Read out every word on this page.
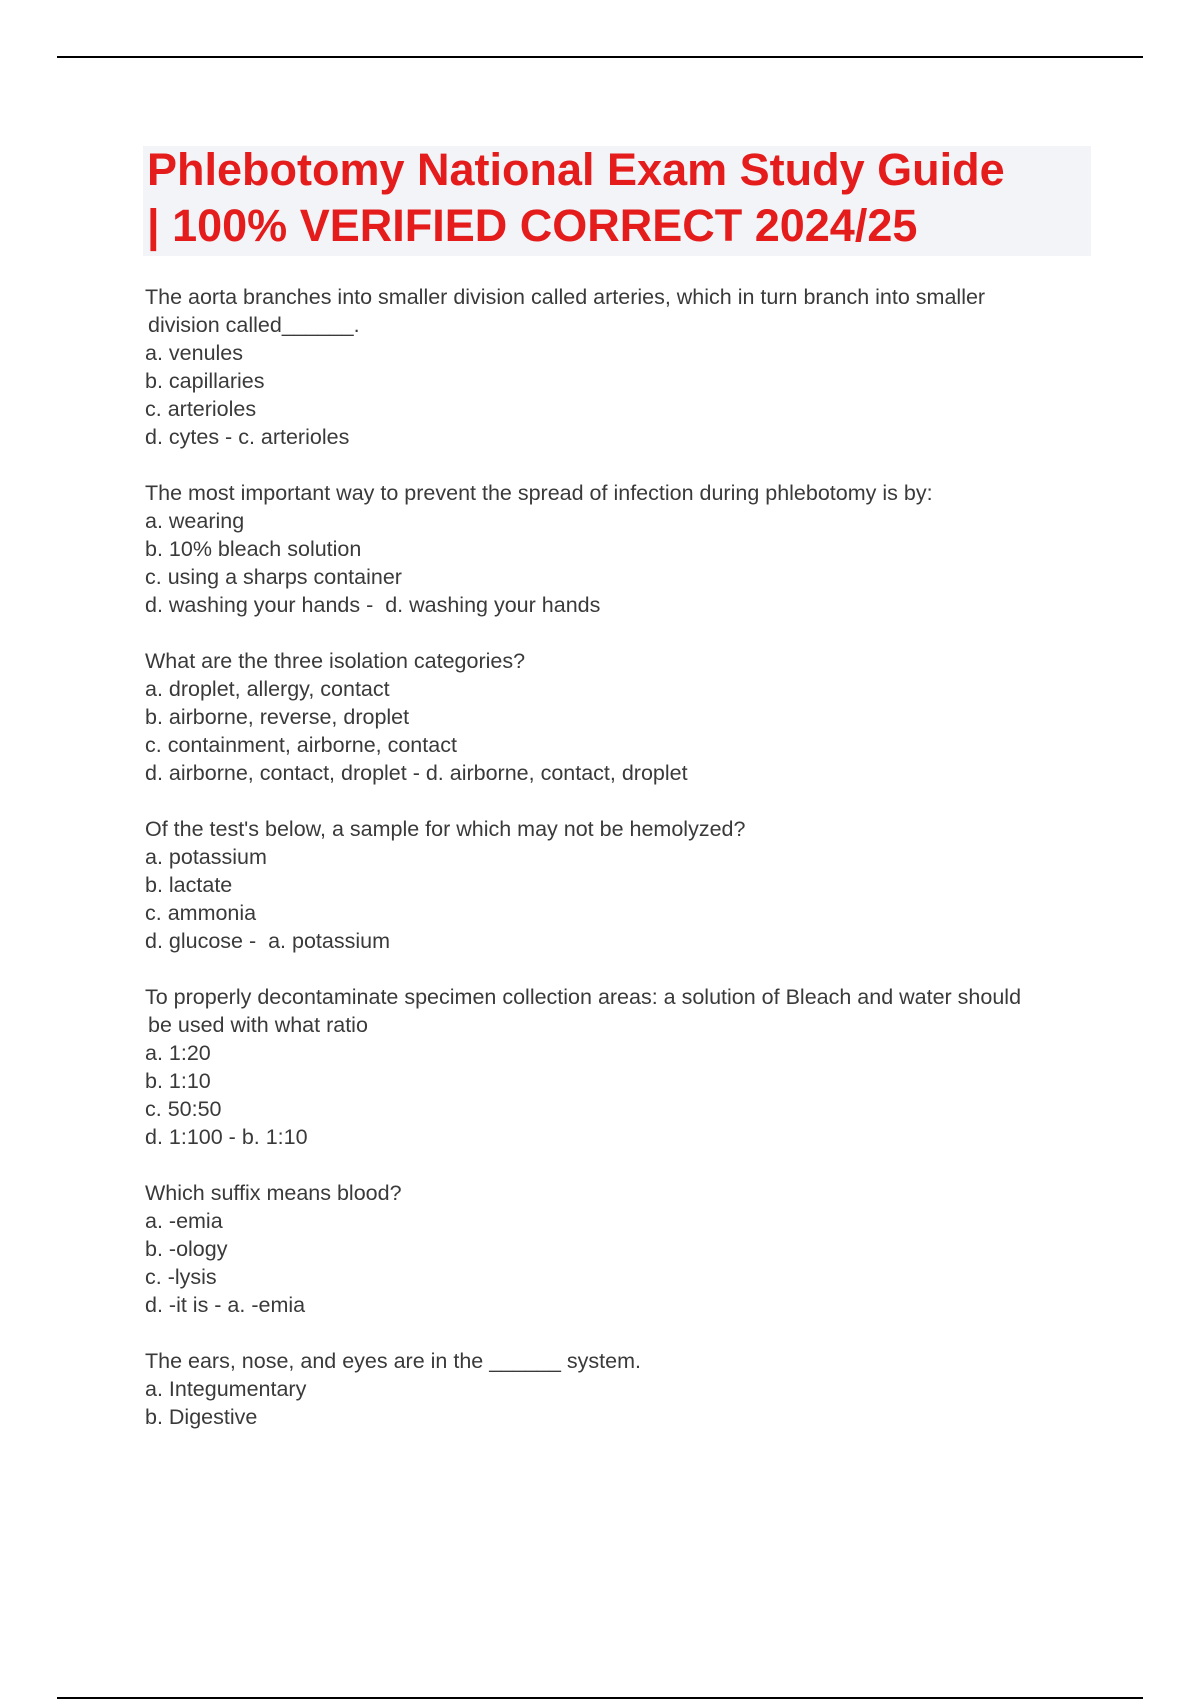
Phlebotomy National Exam Study Guide
| 100% VERIFIED CORRECT 2024/25
The aorta branches into smaller division called arteries, which in turn branch into smaller
division called______.
a. venules
b. capillaries
c. arterioles
d. cytes - c. arterioles
The most important way to prevent the spread of infection during phlebotomy is by:
a. wearing
b. 10% bleach solution
c. using a sharps container
d. washing your hands -  d. washing your hands
What are the three isolation categories?
a. droplet, allergy, contact
b. airborne, reverse, droplet
c. containment, airborne, contact
d. airborne, contact, droplet - d. airborne, contact, droplet
Of the test's below, a sample for which may not be hemolyzed?
a. potassium
b. lactate
c. ammonia
d. glucose -  a. potassium
To properly decontaminate specimen collection areas: a solution of Bleach and water should
be used with what ratio
a. 1:20
b. 1:10
c. 50:50
d. 1:100 - b. 1:10
Which suffix means blood?
a. -emia
b. -ology
c. -lysis
d. -it is - a. -emia
The ears, nose, and eyes are in the ______ system.
a. Integumentary
b. Digestive
